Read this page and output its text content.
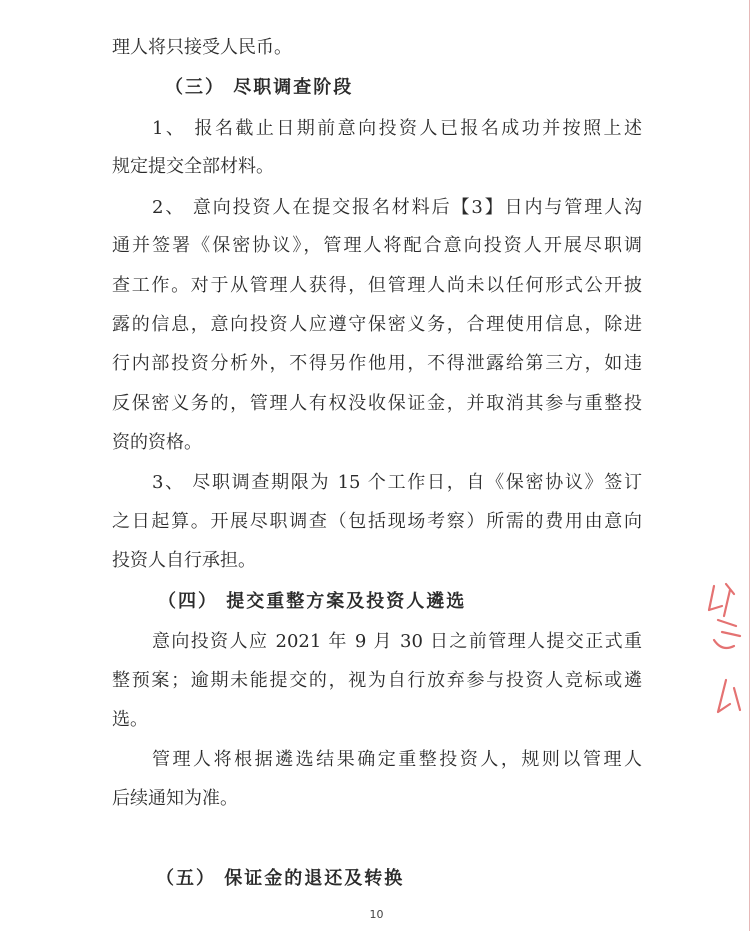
理人将只接受人民币。
（三） 尽职调查阶段
1、 报名截止日期前意向投资人已报名成功并按照上述
规定提交全部材料。
2、 意向投资人在提交报名材料后【3】日内与管理人沟
通并签署《保密协议》，管理人将配合意向投资人开展尽职调
查工作。对于从管理人获得，但管理人尚未以任何形式公开披
露的信息，意向投资人应遵守保密义务，合理使用信息，除进
行内部投资分析外，不得另作他用，不得泄露给第三方，如违
反保密义务的，管理人有权没收保证金，并取消其参与重整投
资的资格。
3、 尽职调查期限为 15 个工作日，自《保密协议》签订
之日起算。开展尽职调查（包括现场考察）所需的费用由意向
投资人自行承担。
（四） 提交重整方案及投资人遴选
意向投资人应 2021 年 9 月 30 日之前管理人提交正式重
整预案；逾期未能提交的，视为自行放弃参与投资人竞标或遴
选。
管理人将根据遴选结果确定重整投资人，规则以管理人
后续通知为准。
（五） 保证金的退还及转换
10
